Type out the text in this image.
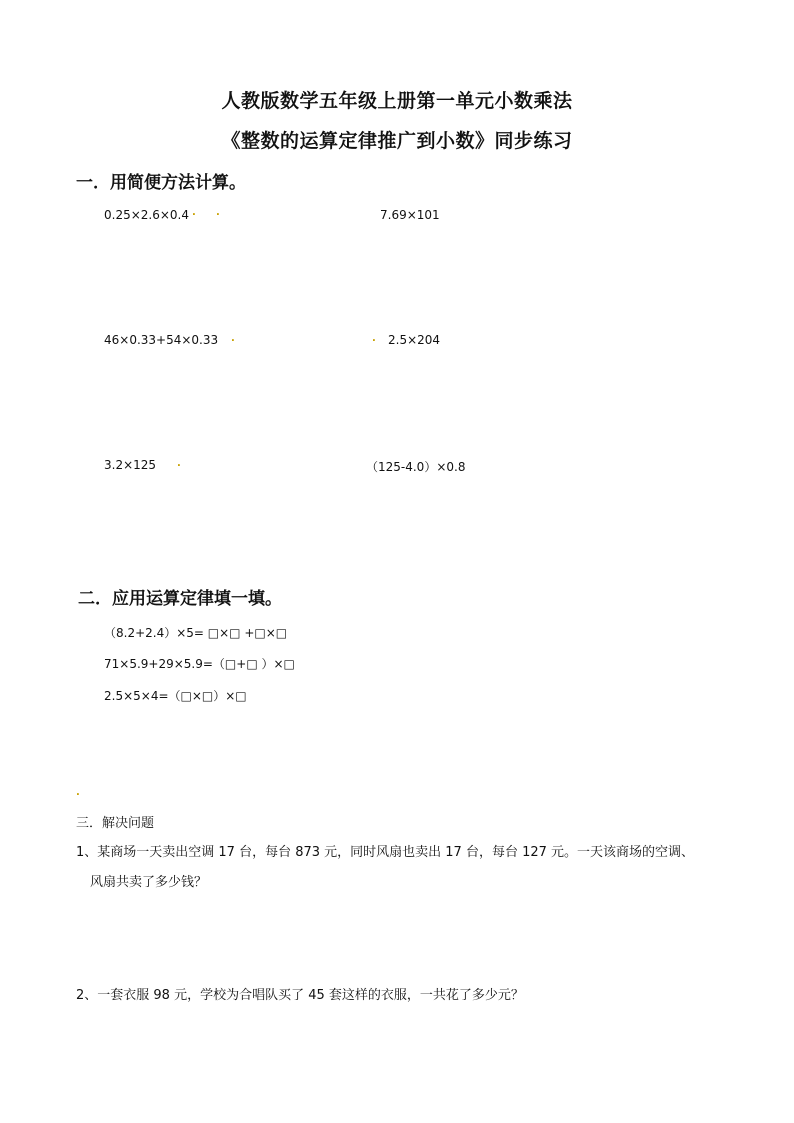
人教版数学五年级上册第一单元小数乘法
《整数的运算定律推广到小数》同步练习
一．用简便方法计算。
0.25×2.6×0.4 . .	7.69×101
46×0.33+54×0.33 .	. 2.5×204
3.2×125 .	（125-4.0）×0.8
二．应用运算定律填一填。
（8.2+2.4）×5= □×□ +□×□
71×5.9+29×5.9=（□+□ ）×□
2.5×5×4=（□×□）×□
.
三．解决问题
1、某商场一天卖出空调 17 台，每台 873 元，同时风扇也卖出 17 台，每台 127 元。一天该商场的空调、
风扇共卖了多少钱？
2、一套衣服 98 元，学校为合唱队买了 45 套这样的衣服，一共花了多少元？
